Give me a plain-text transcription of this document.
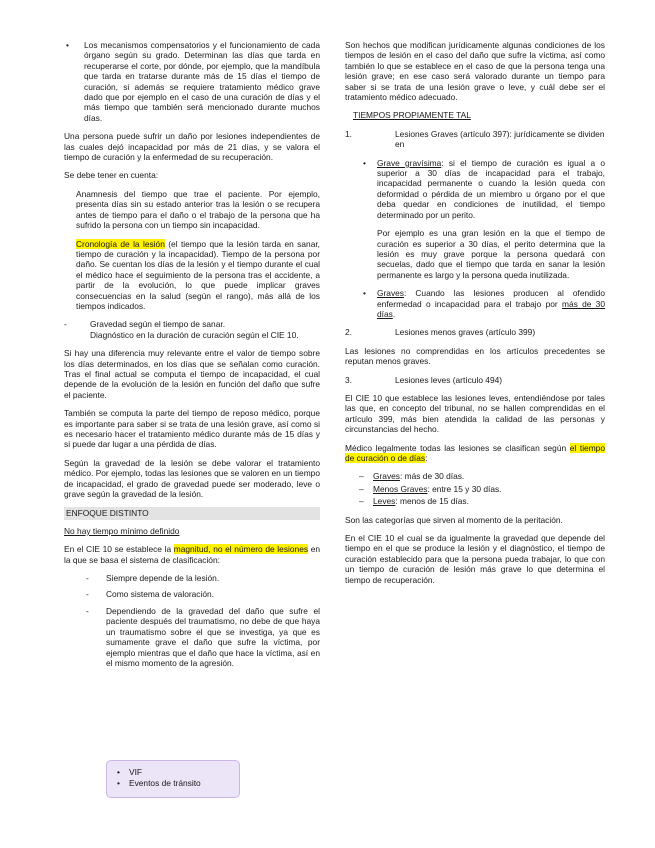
• Los mecanismos compensatorios y el funcionamiento de cada órgano según su grado. Determinan las días que tarda en recuperarse el corte, por dónde, por ejemplo, que la mandíbula que tarda en tratarse durante más de 15 días el tiempo de curación, si además se requiere tratamiento médico grave dado que por ejemplo en el caso de una curación de días y el más tiempo que también será mencionado durante muchos días.

Una persona puede sufrir un daño por lesiones independientes de las cuales dejó incapacidad por más de 21 días, y se valora el tiempo de curación y la enfermedad de su recuperación.

Se debe tener en cuenta:

Anamnesis del tiempo que trae el paciente. Por ejemplo, presenta días sin su estado anterior tras la lesión o se recupera antes de tiempo para el daño o el trabajo de la persona que ha sufrido la persona con un tiempo sin incapacidad.
Cronología de la lesión (el tiempo que la lesión tarda en sanar, tiempo de curación y la incapacidad). Tiempo de la persona por daño. Se cuentan los días de la lesión y el tiempo durante el cual el médico hace el seguimiento de la persona tras el accidente, a partir de la evolución, lo que puede implicar graves consecuencias en la salud (según el rango), más allá de los tiempos indicados.
-	Gravedad según el tiempo de sanar.
Diagnóstico en la duración de curación según el CIE 10.

Si hay una diferencia muy relevante entre el valor de tiempo sobre los días determinados, en los días que se señalan como curación. Tras el final actual se computa el tiempo de incapacidad, el cual depende de la evolución de la lesión en función del daño que sufre el paciente.

También se computa la parte del tiempo de reposo médico, porque es importante para saber si se trata de una lesión grave, así como si es necesario hacer el tratamiento médico durante más de 15 días y si puede dar lugar a una pérdida de días.

Según la gravedad de la lesión se debe valorar el tratamiento médico. Por ejemplo, todas las lesiones que se valoren en un tiempo de incapacidad, el grado de gravedad puede ser moderado, leve o grave según la gravedad de la lesión.

ENFOQUE DISTINTO

No hay tiempo mínimo definido

En el CIE 10 se establece la magnitud, no el número de lesiones en la que se basa el sistema de clasificación:

- Siempre depende de la lesión.
- Como sistema de valoración.
- Dependiendo de la gravedad del daño que sufre el paciente después del traumatismo, no debe de que haya un traumatismo sobre el que se investiga, ya que es sumamente grave el daño que sufre la víctima, por ejemplo mientras que el daño que hace la víctima, así en el mismo momento de la agresión.
• VIF
• Eventos de tránsito

Son hechos que modifican jurídicamente algunas condiciones de los tiempos de lesión en el caso del daño que sufre la víctima, así como también lo que se establece en el caso de que la persona tenga una lesión grave; en ese caso será valorado durante un tiempo para saber si se trata de una lesión grave o leve, y cuál debe ser el tratamiento médico adecuado.

TIEMPOS PROPIAMENTE TAL
1.	Lesiones Graves (artículo 397): jurídicamente se dividen en
• Grave gravísima: si el tiempo de curación es igual a o superior a 30 días de incapacidad para el trabajo, incapacidad permanente o cuando la lesión queda con deformidad o pérdida de un miembro u órgano por el que deba quedar en condiciones de inutilidad, el tiempo determinado por un perito.
Por ejemplo es una gran lesión en la que el tiempo de curación es superior a 30 días, el perito determina que la lesión es muy grave porque la persona quedará con secuelas, dado que el tiempo que tarda en sanar la lesión permanente es largo y la persona queda inutilizada.
• Graves: Cuando las lesiones producen al ofendido enfermedad o incapacidad para el trabajo por más de 30 días.
2.	Lesiones menos graves (artículo 399)

Las lesiones no comprendidas en los artículos precedentes se reputan menos graves.

3.	Lesiones leves (artículo 494)

El CIE 10 que establece las lesiones leves, entendiéndose por tales las que, en concepto del tribunal, no se hallen comprendidas en el artículo 399, más bien atendida la calidad de las personas y circunstancias del hecho.

Médico legalmente todas las lesiones se clasifican según el tiempo de curación o de días:

– Graves: más de 30 días.
– Menos Graves: entre 15 y 30 días.
– Leves: menos de 15 días.

Son las categorías que sirven al momento de la peritación.

En el CIE 10 el cual se da igualmente la gravedad que depende del tiempo en el que se produce la lesión y el diagnóstico, el tiempo de curación establecido para que la persona pueda trabajar, lo que con un tiempo de curación de lesión más grave lo que determina el tiempo de recuperación.
